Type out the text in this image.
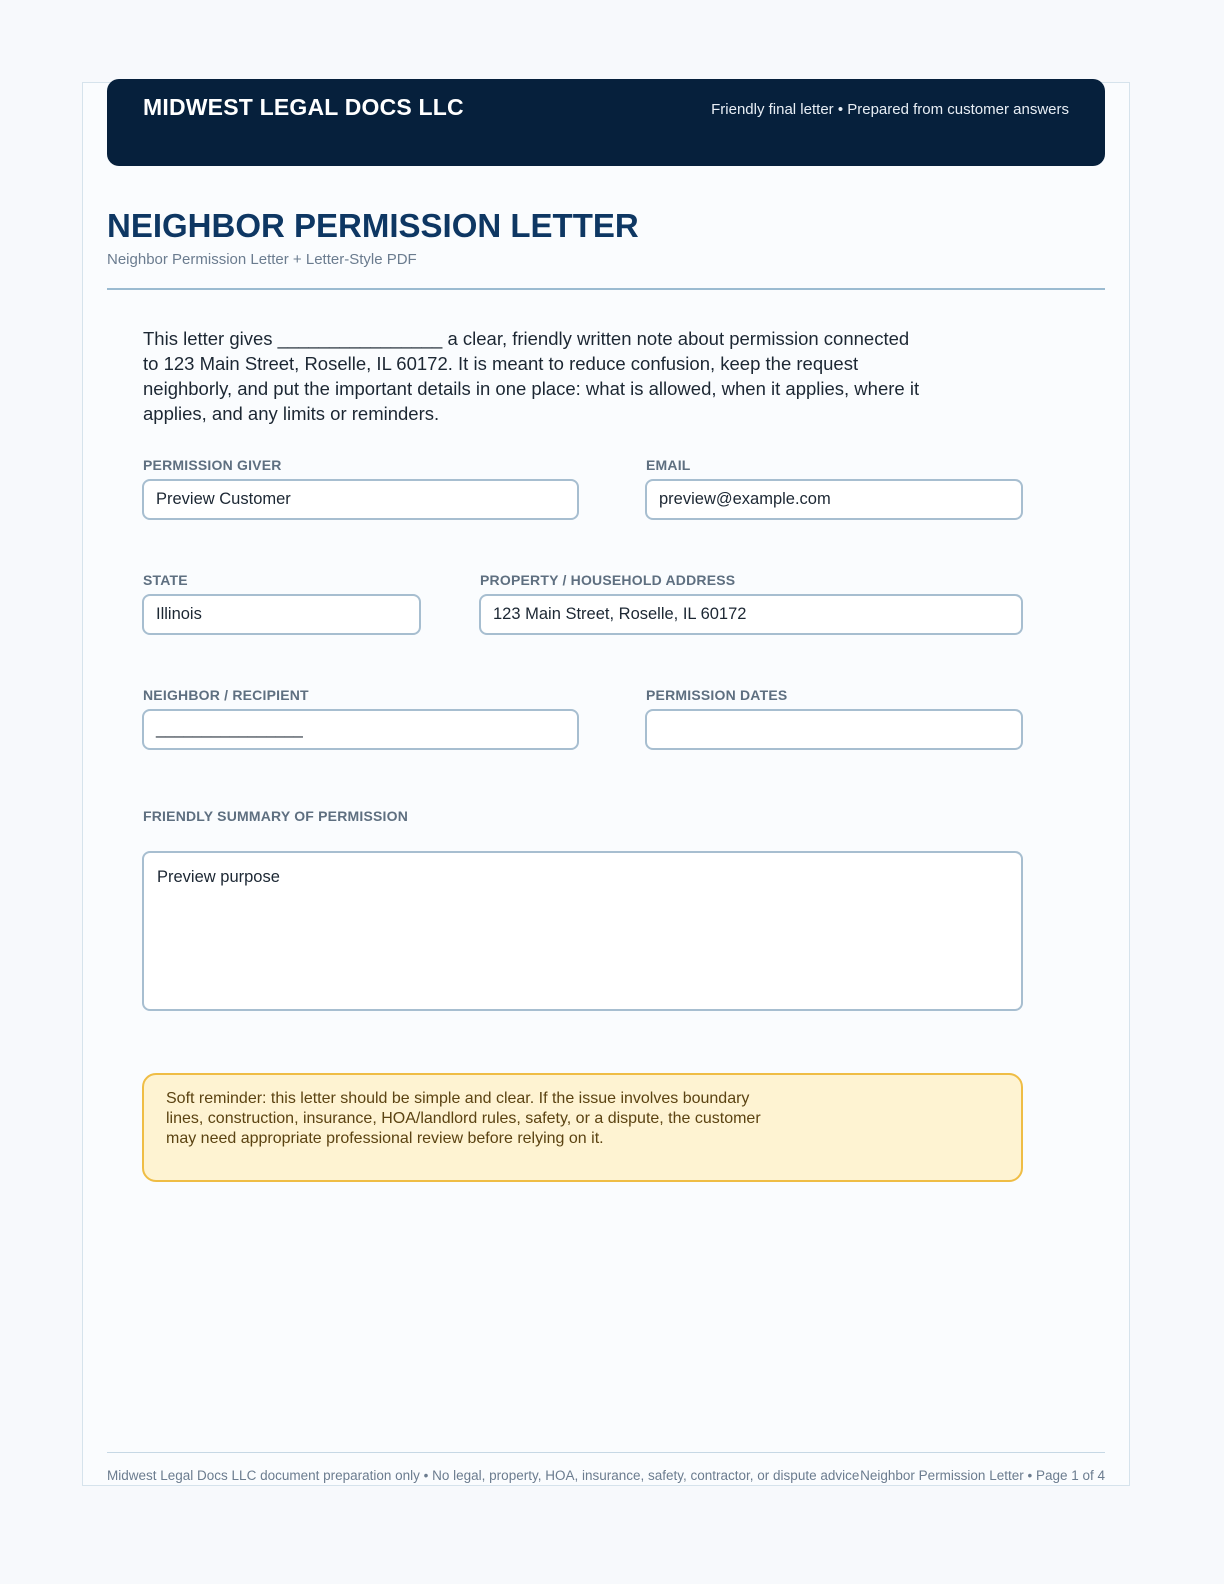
MIDWEST LEGAL DOCS LLC	Friendly final letter • Prepared from customer answers
NEIGHBOR PERMISSION LETTER
Neighbor Permission Letter + Letter-Style PDF
This letter gives ________________ a clear, friendly written note about permission connected to 123 Main Street, Roselle, IL 60172. It is meant to reduce confusion, keep the request neighborly, and put the important details in one place: what is allowed, when it applies, where it applies, and any limits or reminders.
PERMISSION GIVER
Preview Customer
EMAIL
preview@example.com
STATE
Illinois
PROPERTY / HOUSEHOLD ADDRESS
123 Main Street, Roselle, IL 60172
NEIGHBOR / RECIPIENT
________________
PERMISSION DATES
FRIENDLY SUMMARY OF PERMISSION
Preview purpose
Soft reminder: this letter should be simple and clear. If the issue involves boundary lines, construction, insurance, HOA/landlord rules, safety, or a dispute, the customer may need appropriate professional review before relying on it.
Midwest Legal Docs LLC document preparation only • No legal, property, HOA, insurance, safety, contractor, or dispute advice Neighbor Permission Letter • Page 1 of 4
